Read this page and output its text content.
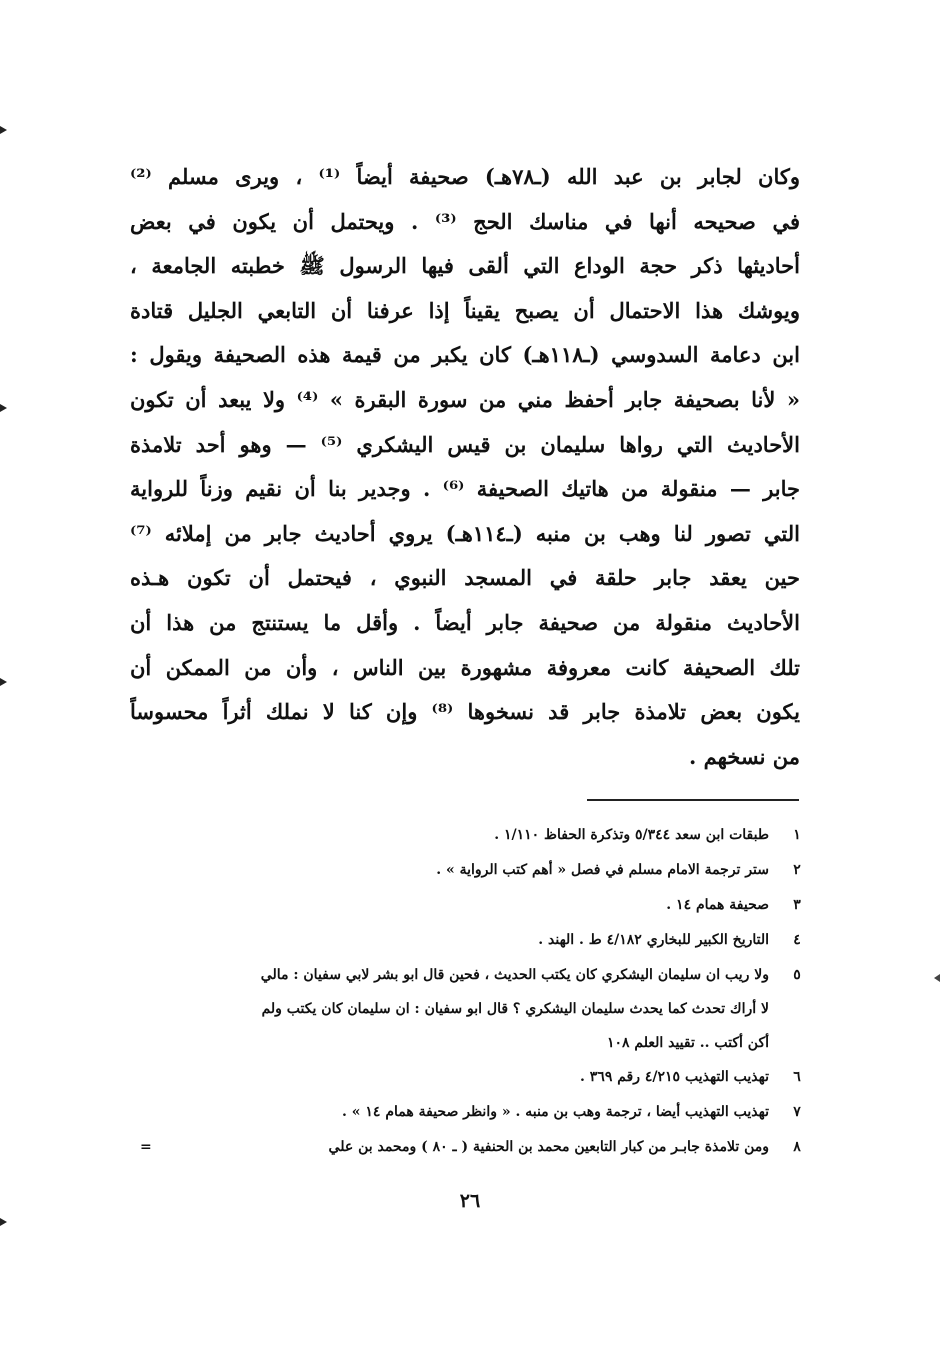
وكان لجابر بن عبد الله (ـ٧٨هـ) صحيفة أيضاً ⁽¹⁾ ، ويرى مسلم ⁽²⁾
في صحيحه أنها في مناسك الحج ⁽³⁾ . ويحتمل أن يكون في بعض
أحاديثها ذكر حجة الوداع التي ألقى فيها الرسول ﷺ خطبته الجامعة ،
ويوشك هذا الاحتمال أن يصبح يقيناً إذا عرفنا أن التابعي الجليل قتادة
ابن دعامة السدوسي (ـ١١٨هـ) كان يكبر من قيمة هذه الصحيفة ويقول :
« لأنا بصحيفة جابر أحفظ مني من سورة البقرة » ⁽⁴⁾ ولا يبعد أن تكون
الأحاديث التي رواها سليمان بن قيس اليشكري ⁽⁵⁾ — وهو أحد تلامذة
جابر — منقولة من هاتيك الصحيفة ⁽⁶⁾ . وجدير بنا أن نقيم وزناً للرواية
التي تصور لنا وهب بن منبه (ـ١١٤هـ) يروي أحاديث جابر من إملائه ⁽⁷⁾
حين يعقد جابر حلقة في المسجد النبوي ، فيحتمل أن تكون هـذه
الأحاديث منقولة من صحيفة جابر أيضاً . وأقل ما يستنتج من هذا أن
تلك الصحيفة كانت معروفة مشهورة بين الناس ، وأن من الممكن أن
يكون بعض تلامذة جابر قد نسخوها ⁽⁸⁾ وإن كنا لا نملك أثراً محسوساً
من نسخهم .
١
طبقات ابن سعد ٥/٣٤٤ وتذكرة الحفاظ ١/١١٠ .
٢
ستر ترجمة الامام مسلم في فصل « أهم كتب الرواية » .
٣
صحيفة همام ١٤ .
٤
التاريخ الكبير للبخاري ٤/١٨٢ ط . الهند .
٥
ولا ريب ان سليمان اليشكري كان يكتب الحديث ، فحين قال ابو بشر لابي سفيان : مالي
لا أراك تحدث كما يحدث سليمان اليشكري ؟ قال ابو سفيان : ان سليمان كان يكتب ولم
أكن أكتب .. تقييد العلم ١٠٨
٦
تهذيب التهذيب ٤/٢١٥ رقم ٣٦٩ .
٧
تهذيب التهذيب أيضا ، ترجمة وهب بن منبه . « وانظر صحيفة همام ١٤ » .
٨
ومن تلامذة جابـر من كبار التابعين محمد بن الحنفية ( ـ ٨٠ ) ومحمد بن علي
=
٢٦
